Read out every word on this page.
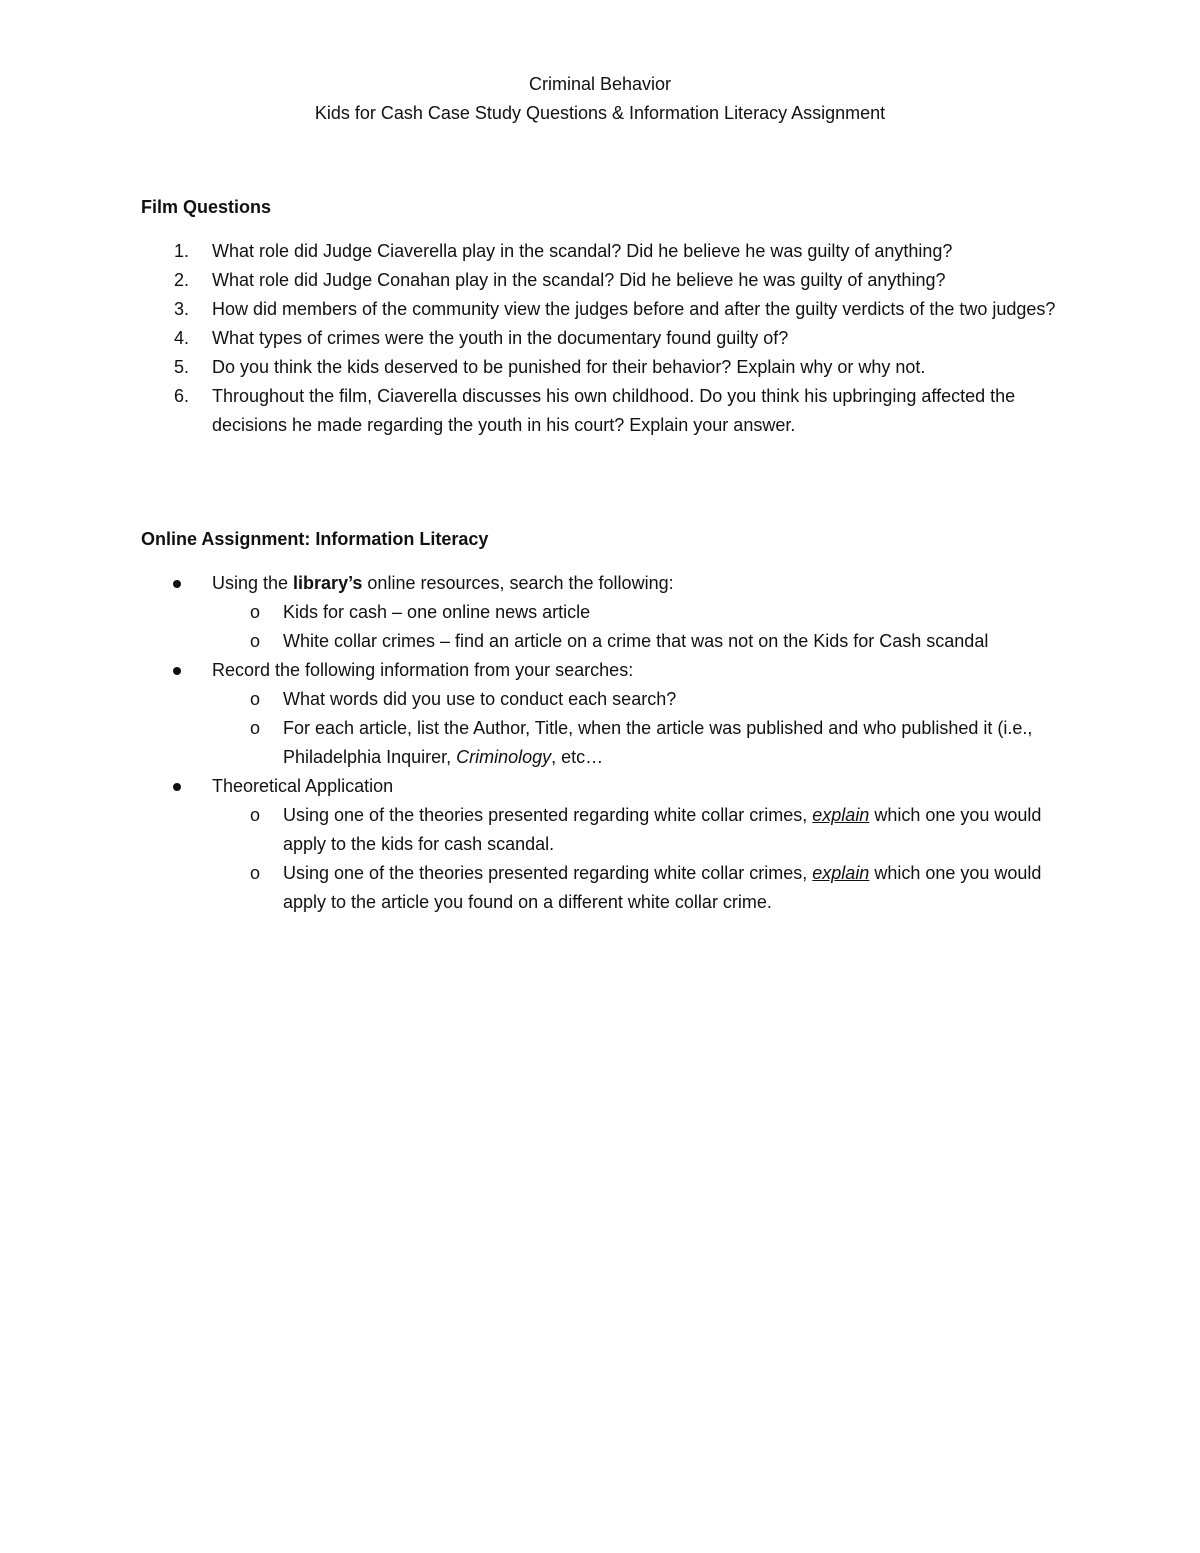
Criminal Behavior
Kids for Cash Case Study Questions & Information Literacy Assignment
Film Questions
1. What role did Judge Ciaverella play in the scandal? Did he believe he was guilty of anything?
2. What role did Judge Conahan play in the scandal? Did he believe he was guilty of anything?
3. How did members of the community view the judges before and after the guilty verdicts of the two judges?
4. What types of crimes were the youth in the documentary found guilty of?
5. Do you think the kids deserved to be punished for their behavior? Explain why or why not.
6. Throughout the film, Ciaverella discusses his own childhood. Do you think his upbringing affected the decisions he made regarding the youth in his court? Explain your answer.
Online Assignment: Information Literacy
Using the library’s online resources, search the following:
o Kids for cash – one online news article
o White collar crimes – find an article on a crime that was not on the Kids for Cash scandal
Record the following information from your searches:
o What words did you use to conduct each search?
o For each article, list the Author, Title, when the article was published and who published it (i.e., Philadelphia Inquirer, Criminology, etc…
Theoretical Application
o Using one of the theories presented regarding white collar crimes, explain which one you would apply to the kids for cash scandal.
o Using one of the theories presented regarding white collar crimes, explain which one you would apply to the article you found on a different white collar crime.
